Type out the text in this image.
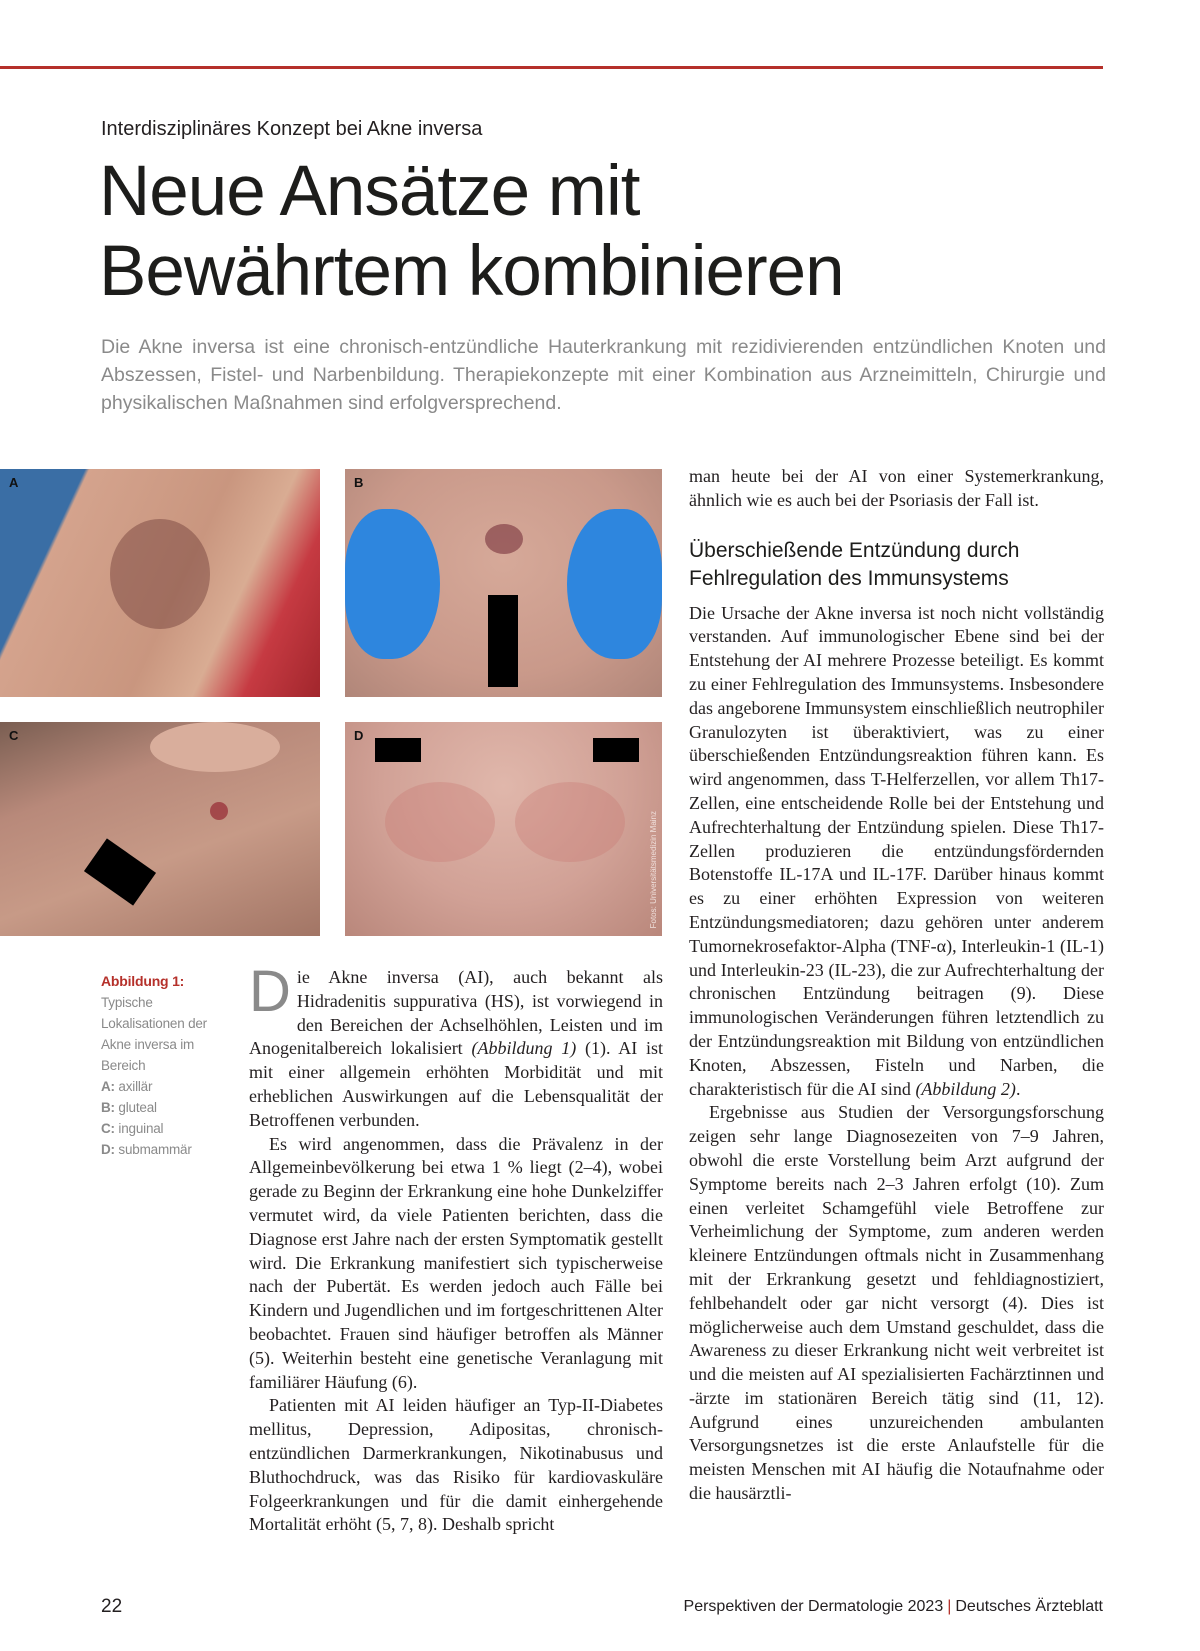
Interdisziplinäres Konzept bei Akne inversa
Neue Ansätze mit
Bewährtem kombinieren
Die Akne inversa ist eine chronisch-entzündliche Hauterkrankung mit rezidivierenden entzündlichen Knoten und Abszessen, Fistel- und Narbenbildung. Therapiekonzepte mit einer Kombination aus Arzneimitteln, Chirurgie und physikalischen Maßnahmen sind erfolgversprechend.
A	B
C	D
Fotos: Universitätsmedizin Mainz
Abbildung 1:
Typische Lokalisationen der Akne inversa im Bereich
A: axillär
B: gluteal
C: inguinal
D: submammär

Die Akne inversa (AI), auch bekannt als Hidradenitis suppurativa (HS), ist vorwiegend in den Bereichen der Achselhöhlen, Leisten und im Anogenitalbereich lokalisiert (Abbildung 1) (1). AI ist mit einer allgemein erhöhten Morbidität und mit erheblichen Auswirkungen auf die Lebensqualität der Betroffenen verbunden.

Es wird angenommen, dass die Prävalenz in der Allgemeinbevölkerung bei etwa 1 % liegt (2–4), wobei gerade zu Beginn der Erkrankung eine hohe Dunkelziffer vermutet wird, da viele Patienten berichten, dass die Diagnose erst Jahre nach der ersten Symptomatik gestellt wird. Die Erkrankung manifestiert sich typischerweise nach der Pubertät. Es werden jedoch auch Fälle bei Kindern und Jugendlichen und im fortgeschrittenen Alter beobachtet. Frauen sind häufiger betroffen als Männer (5). Weiterhin besteht eine genetische Veranlagung mit familiärer Häufung (6).

Patienten mit AI leiden häufiger an Typ-II-Diabetes mellitus, Depression, Adipositas, chronisch-entzündlichen Darmerkrankungen, Nikotinabusus und Bluthochdruck, was das Risiko für kardiovaskuläre Folgeerkrankungen und für die damit einhergehende Mortalität erhöht (5, 7, 8). Deshalb spricht

man heute bei der AI von einer Systemerkrankung, ähnlich wie es auch bei der Psoriasis der Fall ist.

Überschießende Entzündung durch Fehlregulation des Immunsystems

Die Ursache der Akne inversa ist noch nicht vollständig verstanden. Auf immunologischer Ebene sind bei der Entstehung der AI mehrere Prozesse beteiligt. Es kommt zu einer Fehlregulation des Immunsystems. Insbesondere das angeborene Immunsystem einschließlich neutrophiler Granulozyten ist überaktiviert, was zu einer überschießenden Entzündungsreaktion führen kann. Es wird angenommen, dass T-Helferzellen, vor allem Th17-Zellen, eine entscheidende Rolle bei der Entstehung und Aufrechterhaltung der Entzündung spielen. Diese Th17-Zellen produzieren die entzündungsfördernden Botenstoffe IL-17A und IL-17F. Darüber hinaus kommt es zu einer erhöhten Expression von weiteren Entzündungsmediatoren; dazu gehören unter anderem Tumornekrosefaktor-Alpha (TNF-α), Interleukin-1 (IL-1) und Interleukin-23 (IL-23), die zur Aufrechterhaltung der chronischen Entzündung beitragen (9). Diese immunologischen Veränderungen führen letztendlich zu der Entzündungsreaktion mit Bildung von entzündlichen Knoten, Abszessen, Fisteln und Narben, die charakteristisch für die AI sind (Abbildung 2).

Ergebnisse aus Studien der Versorgungsforschung zeigen sehr lange Diagnosezeiten von 7–9 Jahren, obwohl die erste Vorstellung beim Arzt aufgrund der Symptome bereits nach 2–3 Jahren erfolgt (10). Zum einen verleitet Schamgefühl viele Betroffene zur Verheimlichung der Symptome, zum anderen werden kleinere Entzündungen oftmals nicht in Zusammenhang mit der Erkrankung gesetzt und fehldiagnostiziert, fehlbehandelt oder gar nicht versorgt (4). Dies ist möglicherweise auch dem Umstand geschuldet, dass die Awareness zu dieser Erkrankung nicht weit verbreitet ist und die meisten auf AI spezialisierten Fachärztinnen und -ärzte im stationären Bereich tätig sind (11, 12). Aufgrund eines unzureichenden ambulanten Versorgungsnetzes ist die erste Anlaufstelle für die meisten Menschen mit AI häufig die Notaufnahme oder die hausärztli-

22	Perspektiven der Dermatologie 2023 | Deutsches Ärzteblatt
